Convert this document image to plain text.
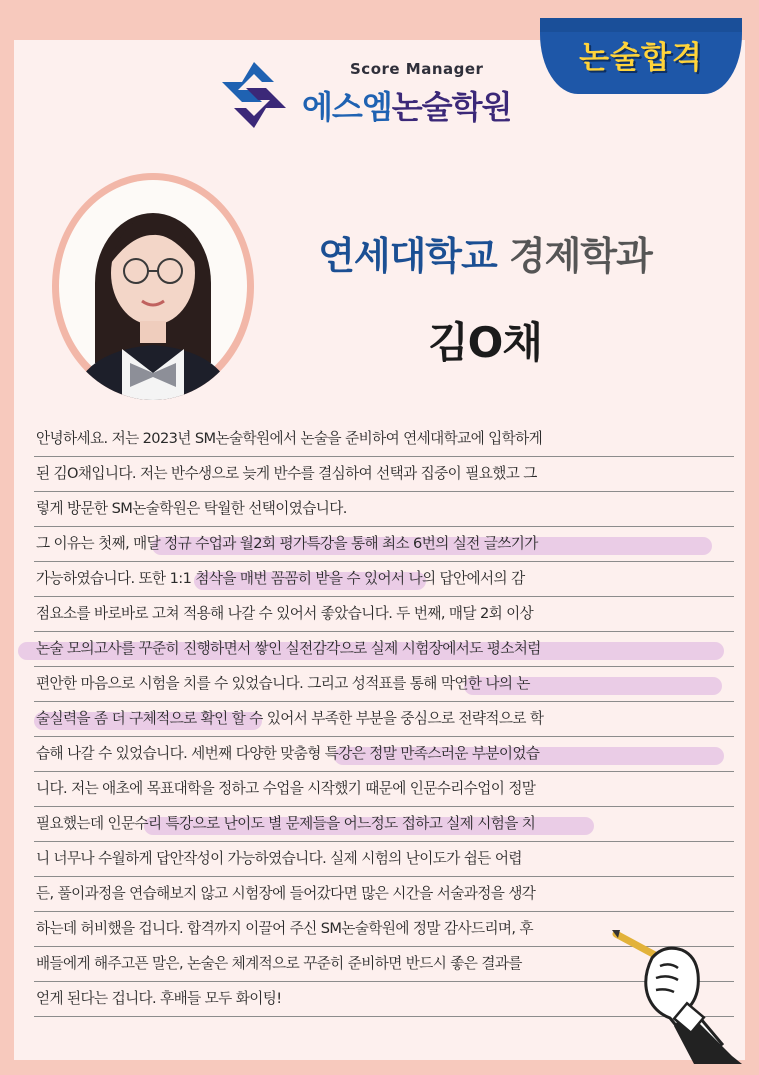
논술합격
Score Manager
에스엠논술학원
연세대학교 경제학과
김O채
안녕하세요. 저는 2023년 SM논술학원에서 논술을 준비하여 연세대학교에 입학하게
된 김O채입니다. 저는 반수생으로 늦게 반수를 결심하여 선택과 집중이 필요했고 그
렇게 방문한 SM논술학원은 탁월한 선택이였습니다.
그 이유는 첫째, 매달 정규 수업과 월2회 평가특강을 통해 최소 6번의 실전 글쓰기가
가능하였습니다. 또한 1:1 첨삭을 매번 꼼꼼히 받을 수 있어서 나의 답안에서의 감
점요소를 바로바로 고쳐 적용해 나갈 수 있어서 좋았습니다. 두 번째, 매달 2회 이상
논술 모의고사를 꾸준히 진행하면서 쌓인 실전감각으로 실제 시험장에서도 평소처럼
편안한 마음으로 시험을 치를 수 있었습니다. 그리고 성적표를 통해 막연한 나의 논
술실력을 좀 더 구체적으로 확인 할 수 있어서 부족한 부분을 중심으로 전략적으로 학
습해 나갈 수 있었습니다. 세번째 다양한 맞춤형 특강은 정말 만족스러운 부분이었습
니다. 저는 애초에 목표대학을 정하고 수업을 시작했기 때문에 인문수리수업이 정말
필요했는데 인문수리 특강으로 난이도 별 문제들을 어느정도 접하고 실제 시험을 치
니 너무나 수월하게 답안작성이 가능하였습니다. 실제 시험의 난이도가 쉽든 어렵
든, 풀이과정을 연습해보지 않고 시험장에 들어갔다면 많은 시간을 서술과정을 생각
하는데 허비했을 겁니다. 합격까지 이끌어 주신 SM논술학원에 정말 감사드리며, 후
배들에게 해주고픈 말은, 논술은 체계적으로 꾸준히 준비하면 반드시 좋은 결과를
얻게 된다는 겁니다. 후배들 모두 화이팅!
